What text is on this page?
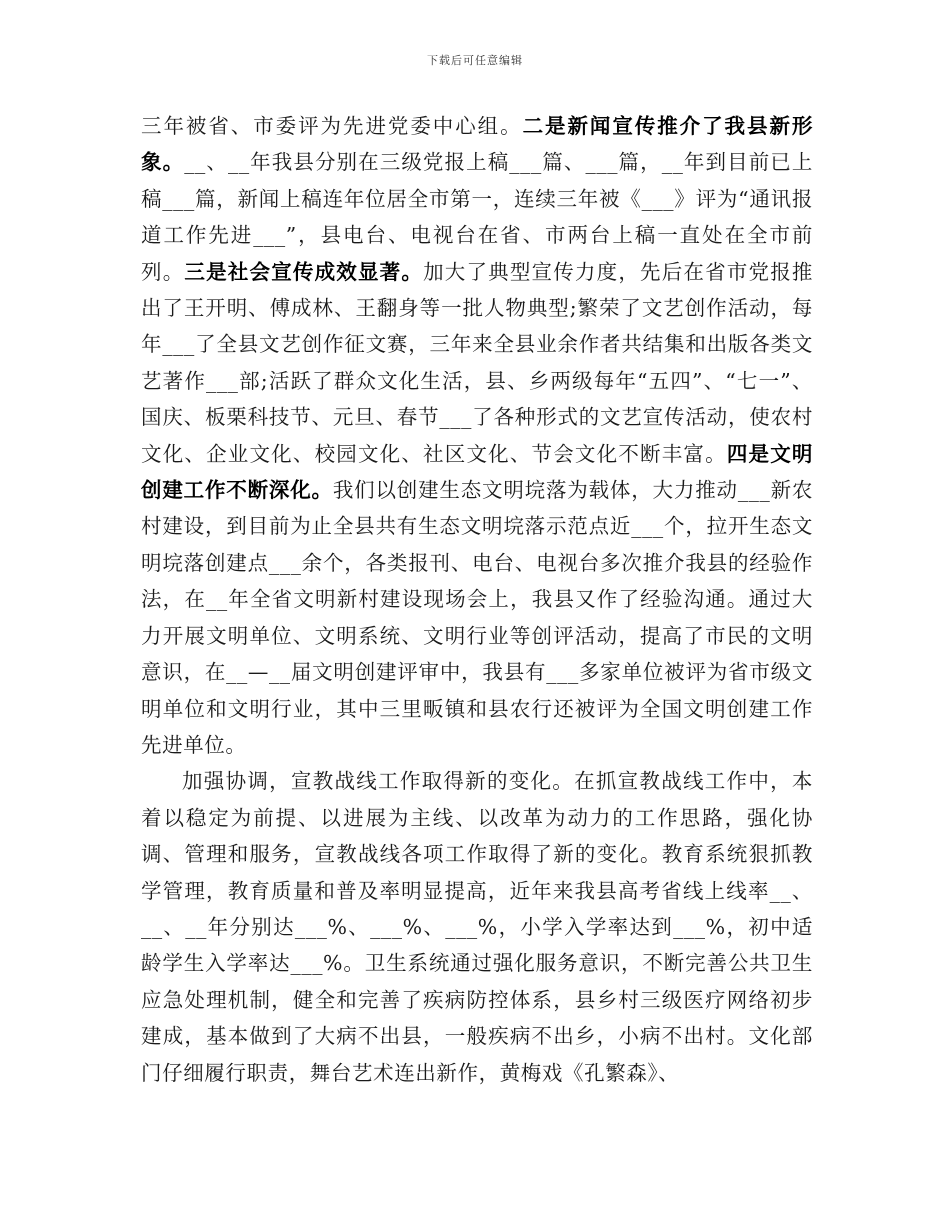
下载后可任意编辑

三年被省、市委评为先进党委中心组。二是新闻宣传推介了我县新形象。__、__年我县分别在三级党报上稿___篇、___篇，__年到目前已上稿___篇，新闻上稿连年位居全市第一，连续三年被《___》评为“通讯报道工作先进___”，县电台、电视台在省、市两台上稿一直处在全市前列。三是社会宣传成效显著。加大了典型宣传力度，先后在省市党报推出了王开明、傅成林、王翻身等一批人物典型;繁荣了文艺创作活动，每年___了全县文艺创作征文赛，三年来全县业余作者共结集和出版各类文艺著作___部;活跃了群众文化生活，县、乡两级每年“五四”、“七一”、国庆、板栗科技节、元旦、春节___了各种形式的文艺宣传活动，使农村文化、企业文化、校园文化、社区文化、节会文化不断丰富。四是文明创建工作不断深化。我们以创建生态文明垸落为载体，大力推动___新农村建设，到目前为止全县共有生态文明垸落示范点近___个，拉开生态文明垸落创建点___余个，各类报刊、电台、电视台多次推介我县的经验作法，在__年全省文明新村建设现场会上，我县又作了经验沟通。通过大力开展文明单位、文明系统、文明行业等创评活动，提高了市民的文明意识，在__—__届文明创建评审中，我县有___多家单位被评为省市级文明单位和文明行业，其中三里畈镇和县农行还被评为全国文明创建工作先进单位。

加强协调，宣教战线工作取得新的变化。在抓宣教战线工作中，本着以稳定为前提、以进展为主线、以改革为动力的工作思路，强化协调、管理和服务，宣教战线各项工作取得了新的变化。教育系统狠抓教学管理，教育质量和普及率明显提高，近年来我县高考省线上线率__、__、__年分别达___%、___%、___%，小学入学率达到___%，初中适龄学生入学率达___%。卫生系统通过强化服务意识，不断完善公共卫生应急处理机制，健全和完善了疾病防控体系，县乡村三级医疗网络初步建成，基本做到了大病不出县，一般疾病不出乡，小病不出村。文化部门仔细履行职责，舞台艺术连出新作，黄梅戏《孔繁森》、
